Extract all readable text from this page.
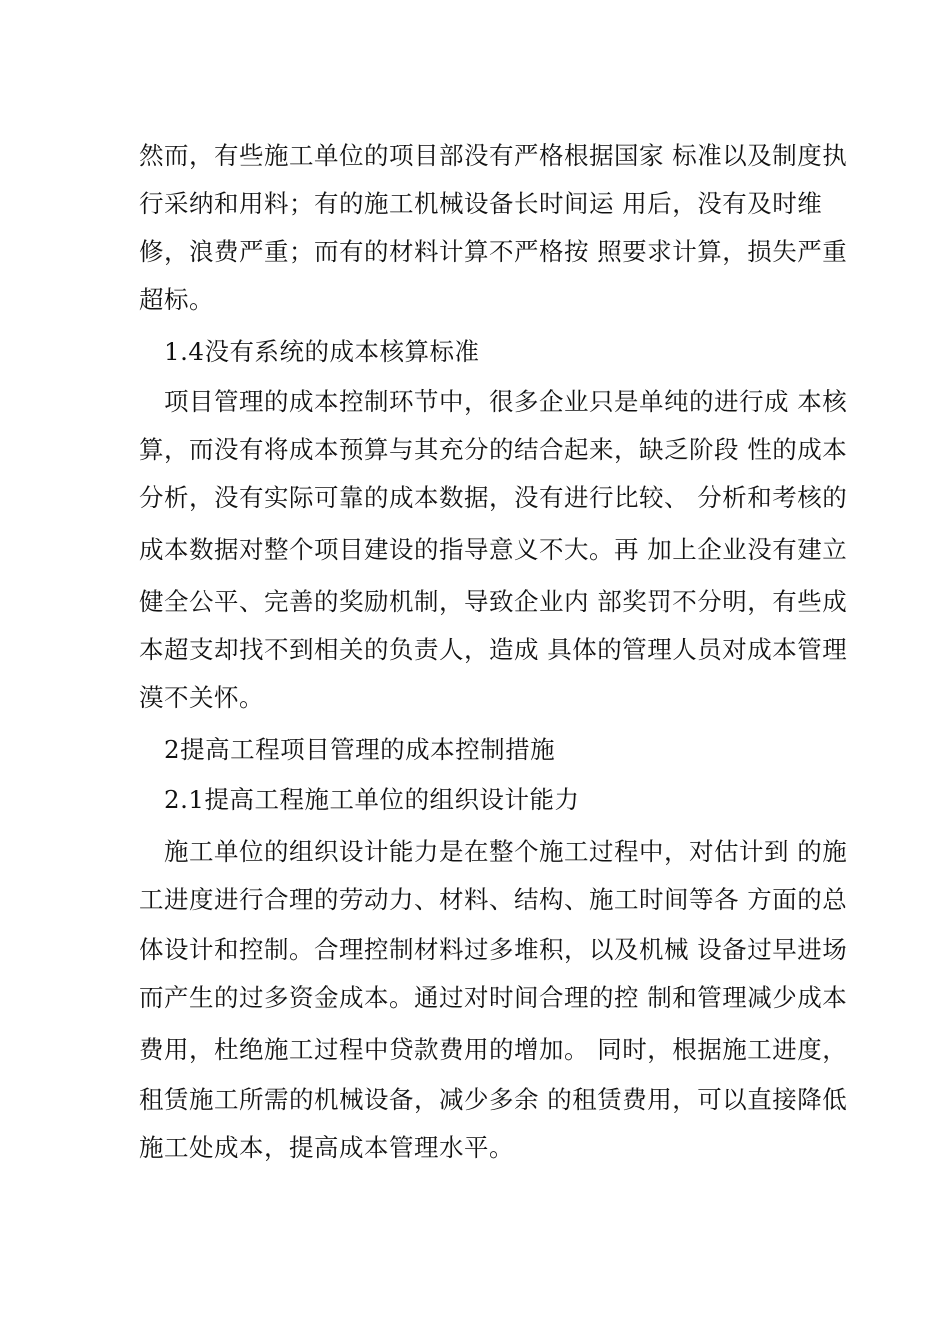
然而，有些施工单位的项目部没有严格根据国家 标准以及制度执
行采纳和用料；有的施工机械设备长时间运 用后，没有及时维
修，浪费严重；而有的材料计算不严格按 照要求计算，损失严重
超标。
1.4没有系统的成本核算标准
项目管理的成本控制环节中，很多企业只是单纯的进行成 本核
算，而没有将成本预算与其充分的结合起来，缺乏阶段 性的成本
分析，没有实际可靠的成本数据，没有进行比较、 分析和考核的
成本数据对整个项目建设的指导意义不大。再 加上企业没有建立
健全公平、完善的奖励机制，导致企业内 部奖罚不分明，有些成
本超支却找不到相关的负责人，造成 具体的管理人员对成本管理
漠不关怀。
2提高工程项目管理的成本控制措施
2.1提高工程施工单位的组织设计能力
施工单位的组织设计能力是在整个施工过程中，对估计到 的施
工进度进行合理的劳动力、材料、结构、施工时间等各 方面的总
体设计和控制。合理控制材料过多堆积，以及机械 设备过早进场
而产生的过多资金成本。通过对时间合理的控 制和管理减少成本
费用，杜绝施工过程中贷款费用的增加。 同时，根据施工进度，
租赁施工所需的机械设备，减少多余 的租赁费用，可以直接降低
施工处成本，提高成本管理水平。
